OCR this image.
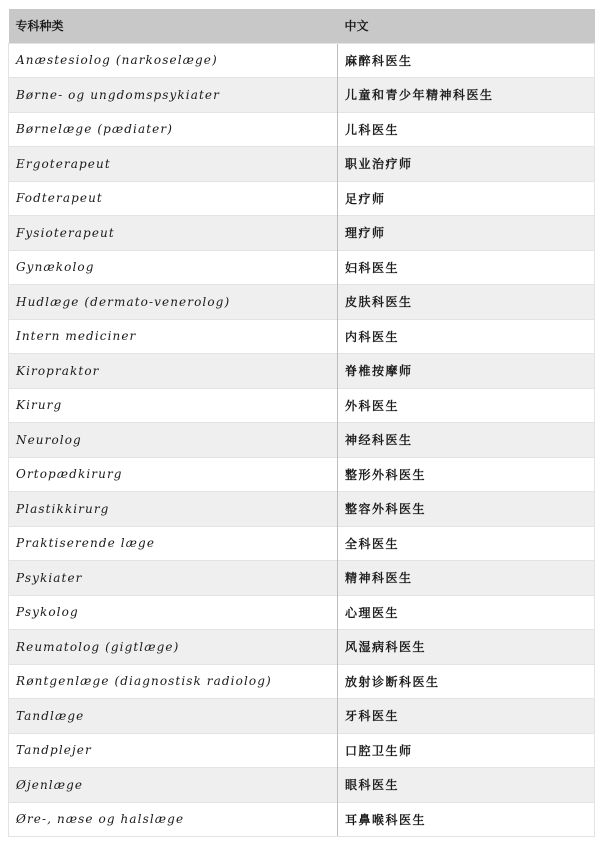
专科种类	中文
Anæstesiolog (narkoselæge)	麻醉科医生
Børne- og ungdomspsykiater	儿童和青少年精神科医生
Børnelæge (pædiater)	儿科医生
Ergoterapeut	职业治疗师
Fodterapeut	足疗师
Fysioterapeut	理疗师
Gynækolog	妇科医生
Hudlæge (dermato-venerolog)	皮肤科医生
Intern mediciner	内科医生
Kiropraktor	脊椎按摩师
Kirurg	外科医生
Neurolog	神经科医生
Ortopædkirurg	整形外科医生
Plastikkirurg	整容外科医生
Praktiserende læge	全科医生
Psykiater	精神科医生
Psykolog	心理医生
Reumatolog (gigtlæge)	风湿病科医生
Røntgenlæge (diagnostisk radiolog)	放射诊断科医生
Tandlæge	牙科医生
Tandplejer	口腔卫生师
Øjenlæge	眼科医生
Øre-, næse og halslæge	耳鼻喉科医生
